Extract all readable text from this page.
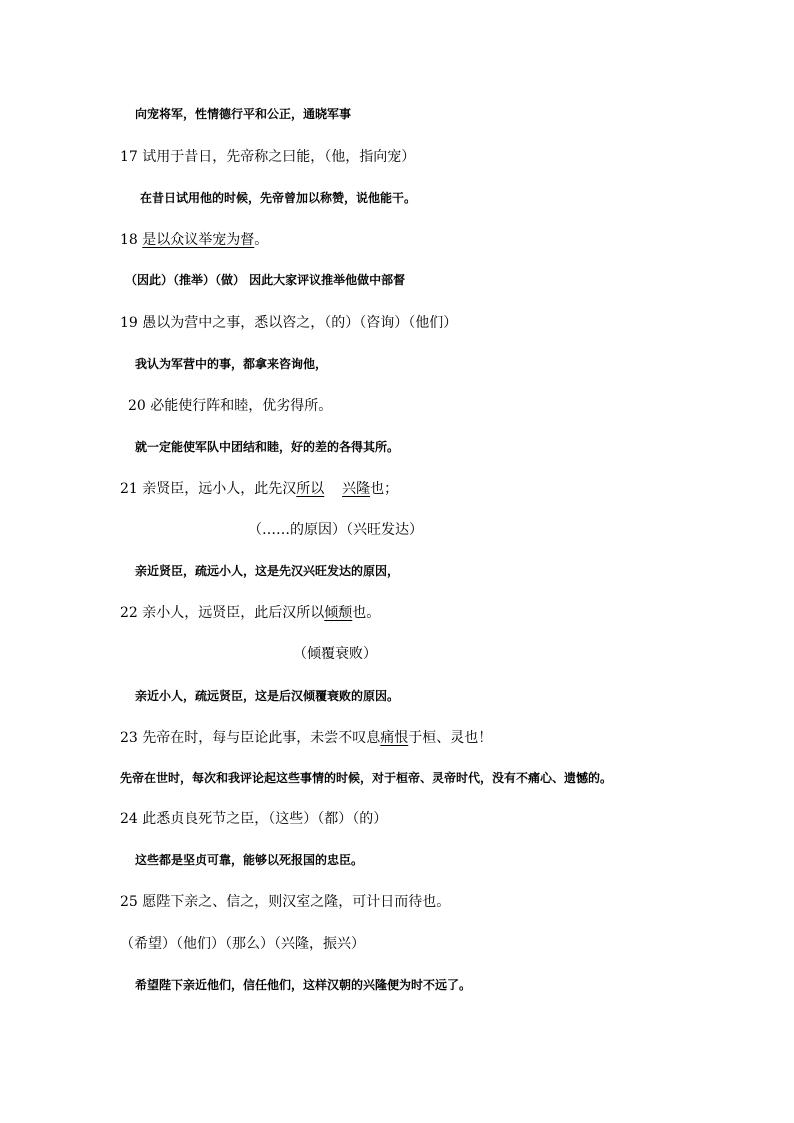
向宠将军，性情德行平和公正，通晓军事
17 试用于昔日，先帝称之曰能，（他，指向宠）
在昔日试用他的时候，先帝曾加以称赞，说他能干。
18 是以众议举宠为督。
（因此）（推举）（做） 因此大家评议推举他做中部督
19 愚以为营中之事，悉以咨之，（的）（咨询）（他们）
我认为军营中的事，都拿来咨询他，
20 必能使行阵和睦，优劣得所。
就一定能使军队中团结和睦，好的差的各得其所。
21 亲贤臣，远小人，此先汉所以 兴隆也；
（……的原因）（兴旺发达）
亲近贤臣，疏远小人，这是先汉兴旺发达的原因，
22 亲小人，远贤臣，此后汉所以倾颓也。
（倾覆衰败）
亲近小人，疏远贤臣，这是后汉倾覆衰败的原因。
23 先帝在时，每与臣论此事，未尝不叹息痛恨于桓、灵也！
先帝在世时，每次和我评论起这些事情的时候，对于桓帝、灵帝时代，没有不痛心、遗憾的。
24 此悉贞良死节之臣，（这些）（都）（的）
这些都是坚贞可靠，能够以死报国的忠臣。
25 愿陛下亲之、信之，则汉室之隆，可计日而待也。
（希望）（他们）（那么）（兴隆，振兴）
希望陛下亲近他们，信任他们，这样汉朝的兴隆便为时不远了。
